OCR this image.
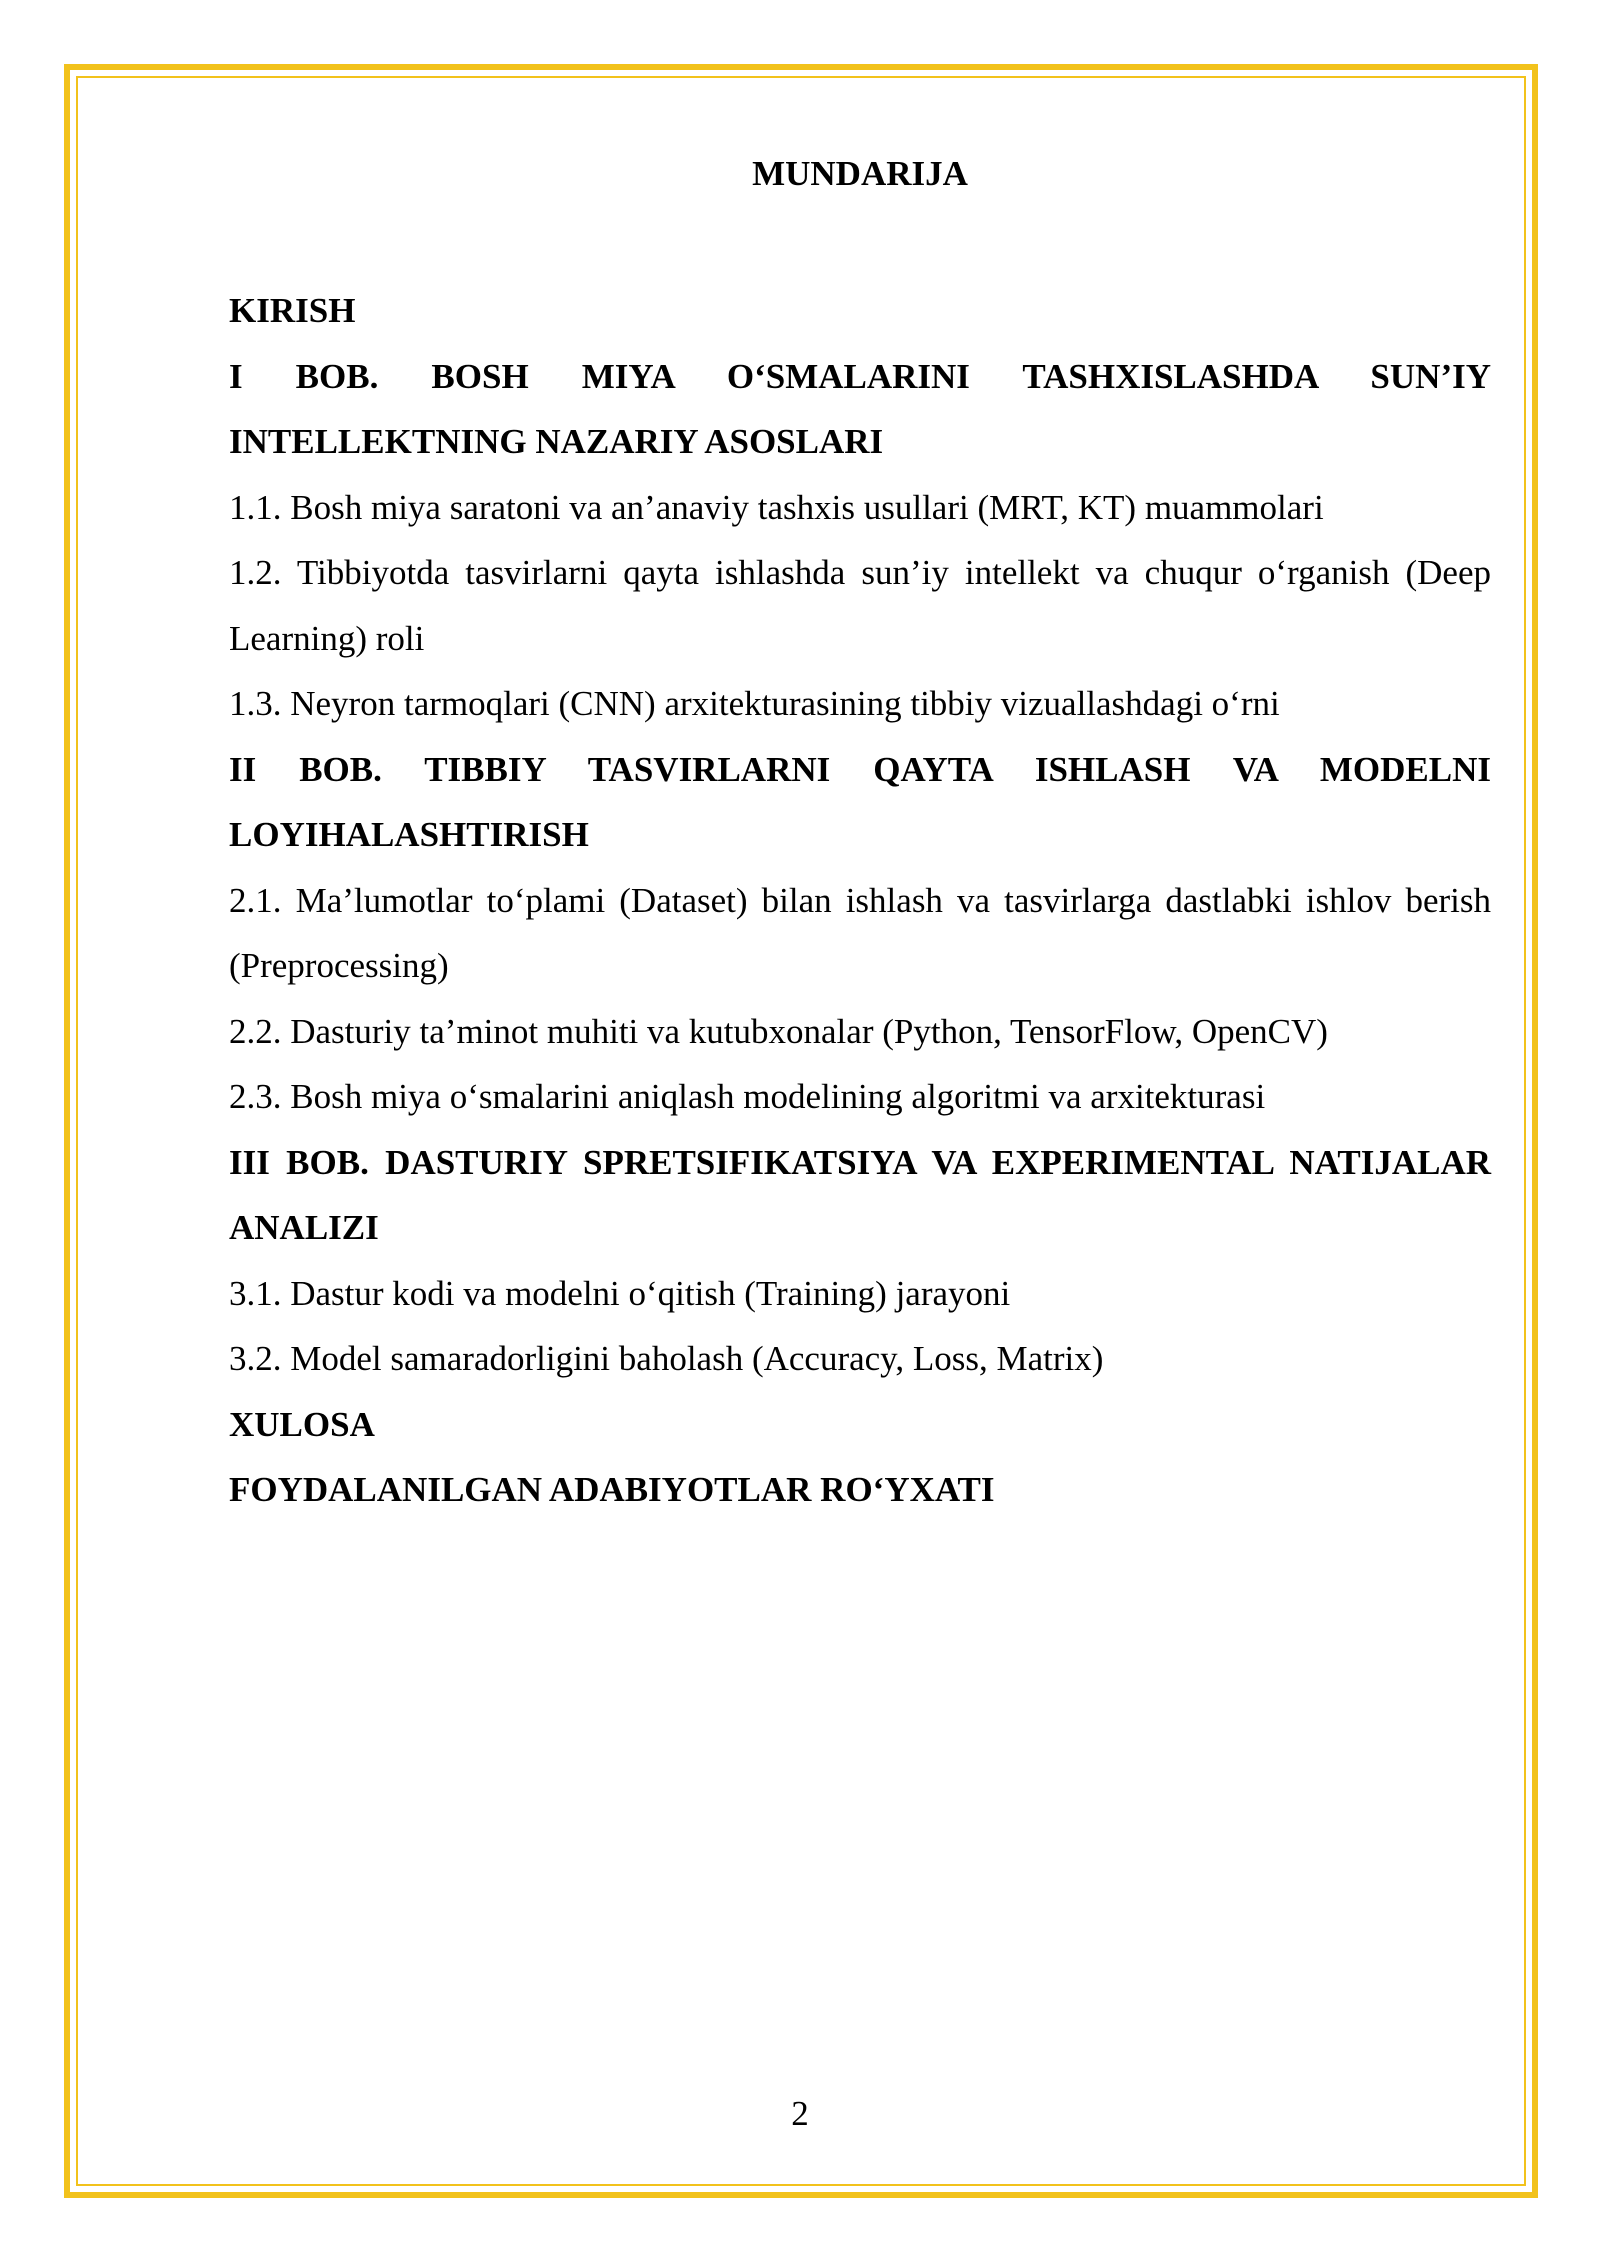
MUNDARIJA
KIRISH
I BOB. BOSH MIYA O‘SMALARINI TASHXISLASHDA SUN’IY INTELLEKTNING NAZARIY ASOSLARI
1.1. Bosh miya saratoni va an’anaviy tashxis usullari (MRT, KT) muammolari
1.2. Tibbiyotda tasvirlarni qayta ishlashda sun’iy intellekt va chuqur o‘rganish (Deep Learning) roli
1.3. Neyron tarmoqlari (CNN) arxitekturasining tibbiy vizuallashdagi o‘rni
II BOB. TIBBIY TASVIRLARNI QAYTA ISHLASH VA MODELNI LOYIHALASHTIRISH
2.1. Ma’lumotlar to‘plami (Dataset) bilan ishlash va tasvirlarga dastlabki ishlov berish (Preprocessing)
2.2. Dasturiy ta’minot muhiti va kutubxonalar (Python, TensorFlow, OpenCV)
2.3. Bosh miya o‘smalarini aniqlash modelining algoritmi va arxitekturasi
III BOB. DASTURIY SPRETSIFIKATSIYA VA EXPERIMENTAL NATIJALAR ANALIZI
3.1. Dastur kodi va modelni o‘qitish (Training) jarayoni
3.2. Model samaradorligini baholash (Accuracy, Loss, Matrix)
XULOSA
FOYDALANILGAN ADABIYOTLAR RO‘YXATI
2
